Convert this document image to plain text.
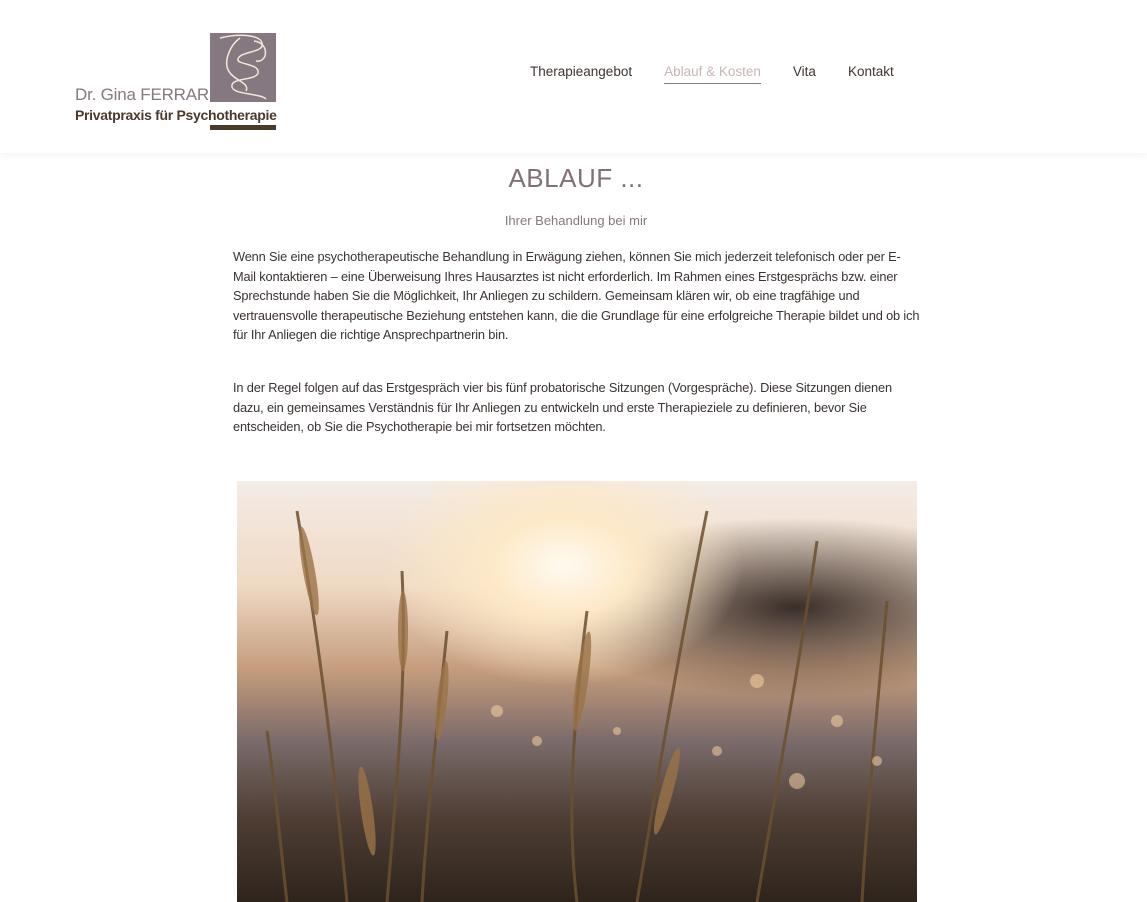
Dr. Gina FERRARI
Privatpraxis für Psychotherapie
Therapieangebot Ablauf & Kosten Vita Kontakt
ABLAUF ...
Ihrer Behandlung bei mir

Wenn Sie eine psychotherapeutische Behandlung in Erwägung ziehen, können Sie mich jederzeit telefonisch oder per E-Mail kontaktieren – eine Überweisung Ihres Hausarztes ist nicht erforderlich. Im Rahmen eines Erstgesprächs bzw. einer Sprechstunde haben Sie die Möglichkeit, Ihr Anliegen zu schildern. Gemeinsam klären wir, ob eine tragfähige und vertrauensvolle therapeutische Beziehung entstehen kann, die die Grundlage für eine erfolgreiche Therapie bildet und ob ich für Ihr Anliegen die richtige Ansprechpartnerin bin.

In der Regel folgen auf das Erstgespräch vier bis fünf probatorische Sitzungen (Vorgespräche). Diese Sitzungen dienen dazu, ein gemeinsames Verständnis für Ihr Anliegen zu entwickeln und erste Therapieziele zu definieren, bevor Sie entscheiden, ob Sie die Psychotherapie bei mir fortsetzen möchten.
